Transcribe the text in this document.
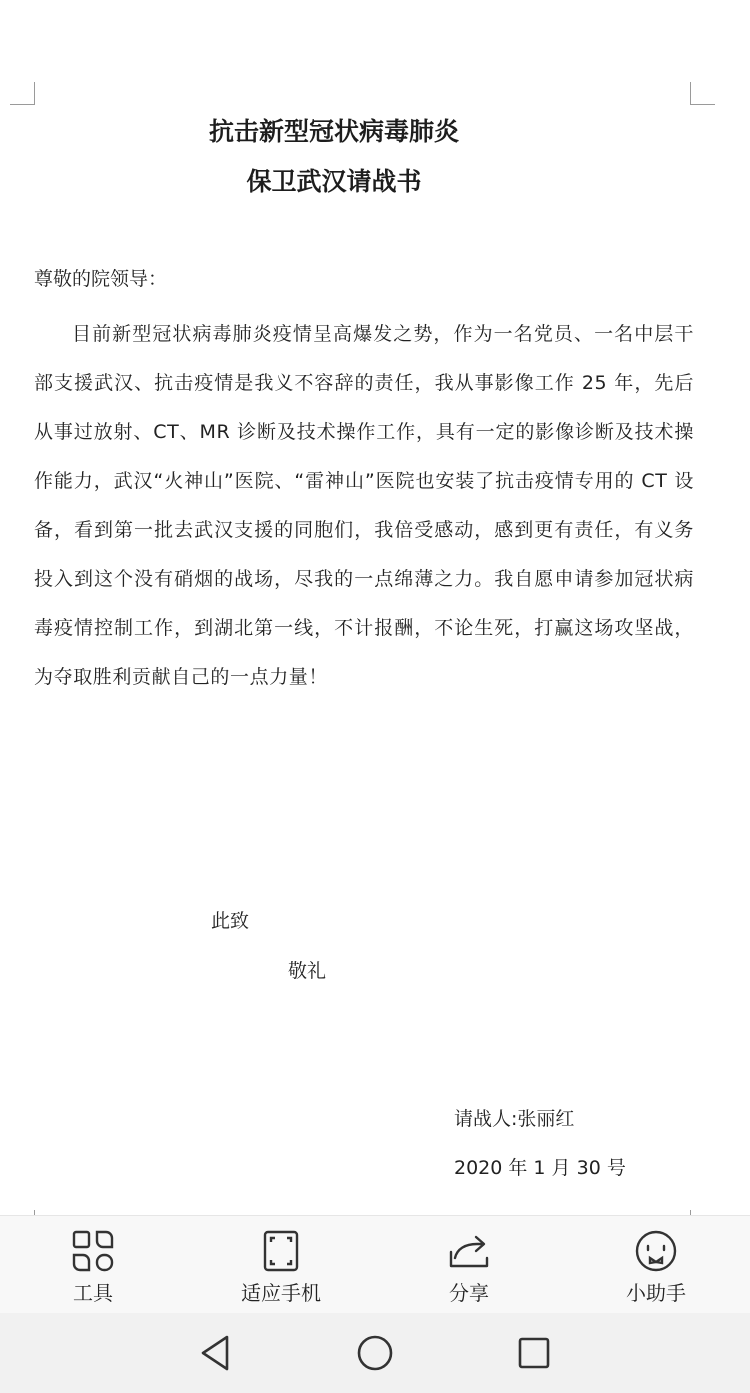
抗击新型冠状病毒肺炎
保卫武汉请战书
尊敬的院领导：

目前新型冠状病毒肺炎疫情呈高爆发之势，作为一名党员、一名中层干部支援武汉、抗击疫情是我义不容辞的责任，我从事影像工作 25 年，先后从事过放射、CT、MR 诊断及技术操作工作，具有一定的影像诊断及技术操作能力，武汉“火神山”医院、“雷神山”医院也安装了抗击疫情专用的 CT 设备，看到第一批去武汉支援的同胞们，我倍受感动，感到更有责任，有义务投入到这个没有硝烟的战场，尽我的一点绵薄之力。我自愿申请参加冠状病毒疫情控制工作，到湖北第一线，不计报酬，不论生死，打赢这场攻坚战，为夺取胜利贡献自己的一点力量！

此致
敬礼
请战人:张丽红
2020 年 1 月 30 号
工具	适应手机	分享	小助手
